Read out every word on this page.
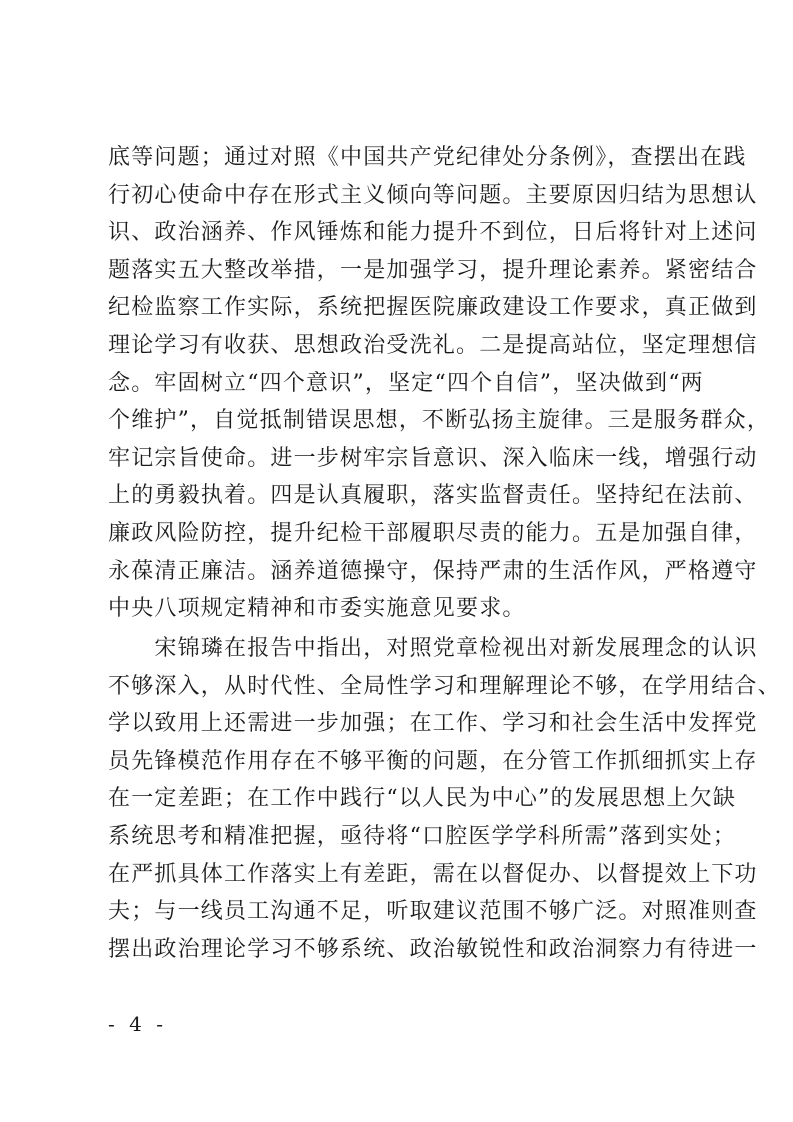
底等问题；通过对照《中国共产党纪律处分条例》，查摆出在践
行初心使命中存在形式主义倾向等问题。主要原因归结为思想认
识、政治涵养、作风锤炼和能力提升不到位，日后将针对上述问
题落实五大整改举措，一是加强学习，提升理论素养。紧密结合
纪检监察工作实际，系统把握医院廉政建设工作要求，真正做到
理论学习有收获、思想政治受洗礼。二是提高站位，坚定理想信
念。牢固树立“四个意识”，坚定“四个自信”，坚决做到“两
个维护”，自觉抵制错误思想，不断弘扬主旋律。三是服务群众，
牢记宗旨使命。进一步树牢宗旨意识、深入临床一线，增强行动
上的勇毅执着。四是认真履职，落实监督责任。坚持纪在法前、
廉政风险防控，提升纪检干部履职尽责的能力。五是加强自律，
永葆清正廉洁。涵养道德操守，保持严肃的生活作风，严格遵守
中央八项规定精神和市委实施意见要求。
　　宋锦璘在报告中指出，对照党章检视出对新发展理念的认识
不够深入，从时代性、全局性学习和理解理论不够，在学用结合、
学以致用上还需进一步加强；在工作、学习和社会生活中发挥党
员先锋模范作用存在不够平衡的问题，在分管工作抓细抓实上存
在一定差距；在工作中践行“以人民为中心”的发展思想上欠缺
系统思考和精准把握，亟待将“口腔医学学科所需”落到实处；
在严抓具体工作落实上有差距，需在以督促办、以督提效上下功
夫；与一线员工沟通不足，听取建议范围不够广泛。对照准则查
摆出政治理论学习不够系统、政治敏锐性和政治洞察力有待进一
- 4 -
